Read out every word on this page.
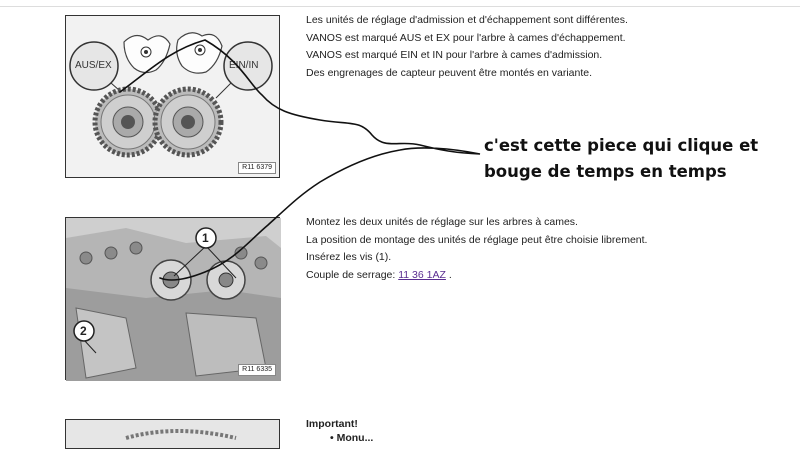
AUS/EX	EIN/IN
R11 6379

Les unités de réglage d'admission et d'échappement sont différentes.

VANOS est marqué AUS et EX pour l'arbre à cames d'échappement.

VANOS est marqué EIN et IN pour l'arbre à cames d'admission.

Des engrenages de capteur peuvent être montés en variante.

1
2
R11 6335

Montez les deux unités de réglage sur les arbres à cames.

La position de montage des unités de réglage peut être choisie librement.

Insérez les vis (1).

Couple de serrage: 11 36 1AZ .

Important!
• Monu...
c'est cette piece qui clique et
bouge de temps en temps
